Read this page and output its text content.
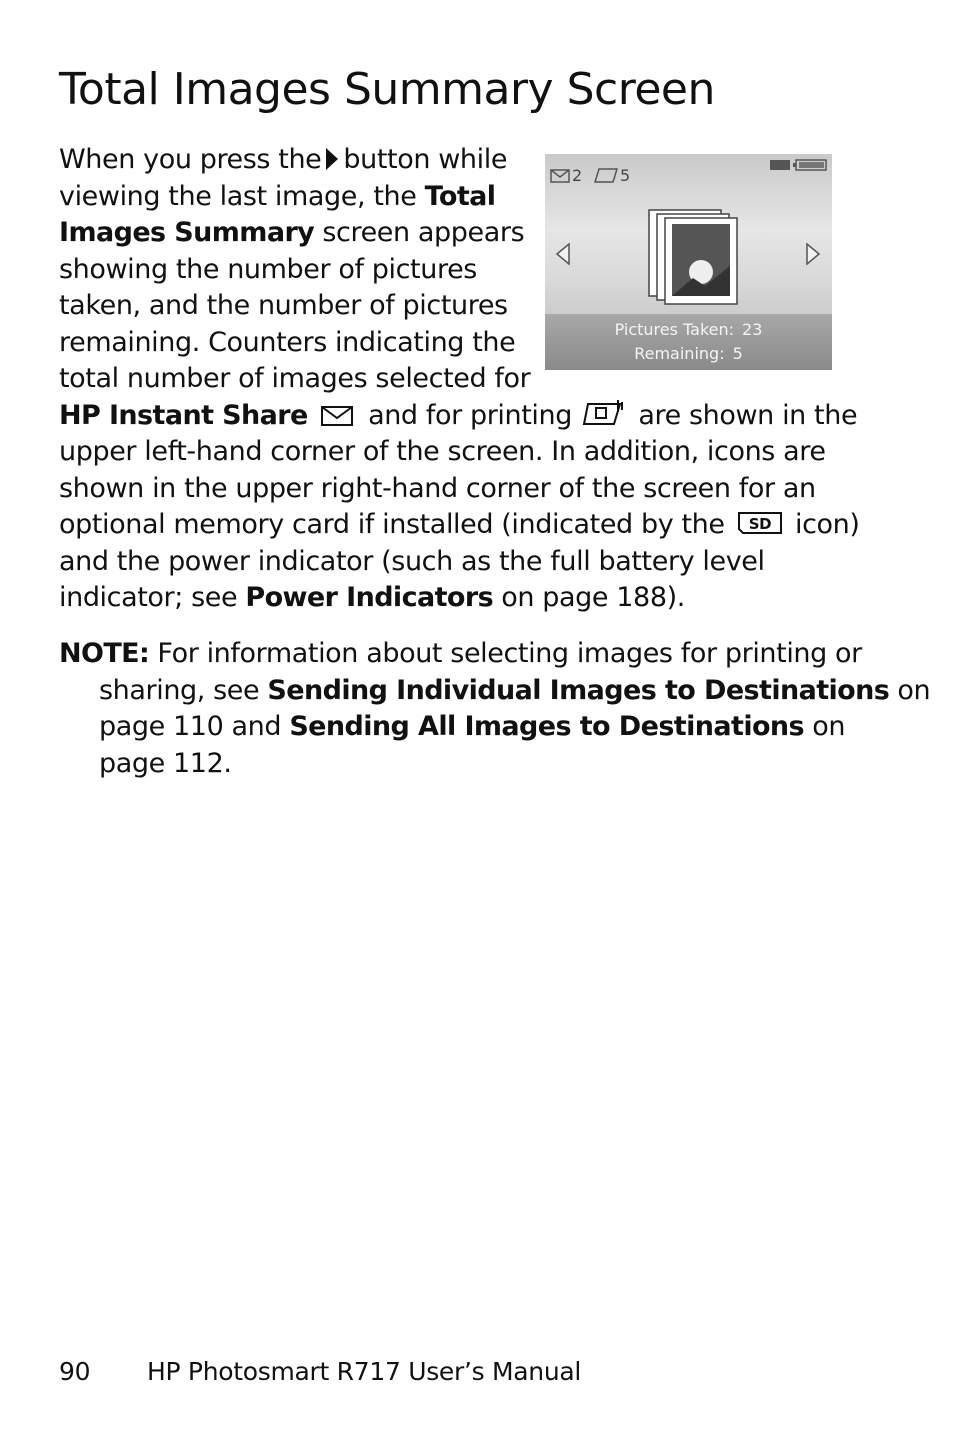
Total Images Summary Screen
When you press the button while
viewing the last image, the Total
Images Summary screen appears
showing the number of pictures
taken, and the number of pictures
remaining. Counters indicating the
total number of images selected for
HP Instant Share and for printing are shown in the
upper left-hand corner of the screen. In addition, icons are
shown in the upper right-hand corner of the screen for an
optional memory card if installed (indicated by the SD icon)
and the power indicator (such as the full battery level
indicator; see Power Indicators on page 188).
2 5
Pictures Taken: 23
Remaining: 5
NOTE: For information about selecting images for printing or
sharing, see Sending Individual Images to Destinations on
page 110 and Sending All Images to Destinations on
page 112.
90 HP Photosmart R717 User’s Manual
